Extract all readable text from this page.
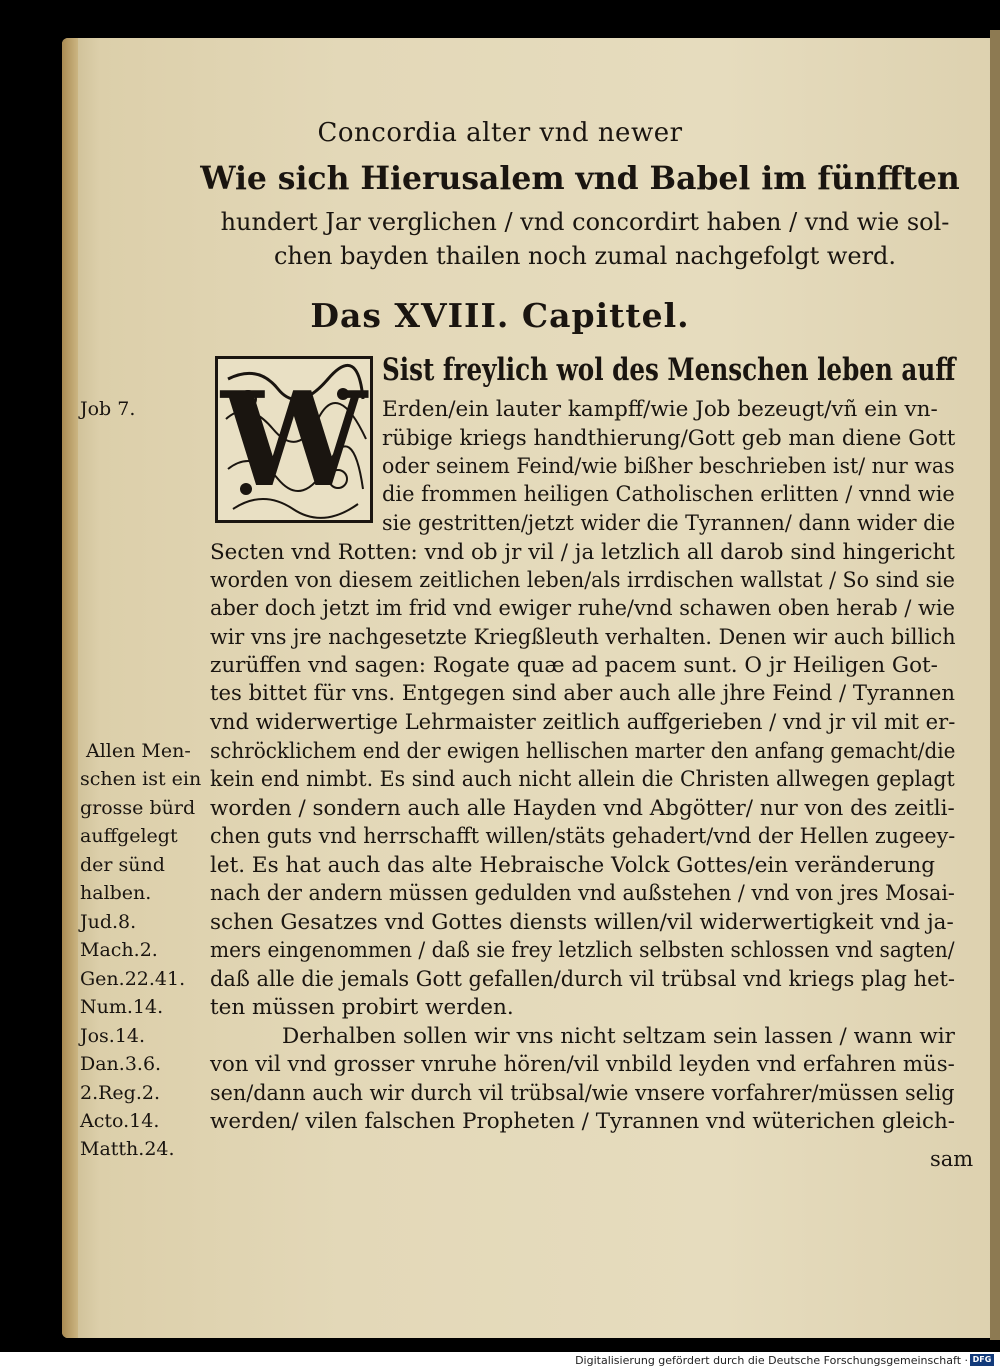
Concordia alter vnd newer
Wie sich Hierusalem vnd Babel im fünfften
hundert Jar verglichen / vnd concordirt haben / vnd wie sol-
chen bayden thailen noch zumal nachgefolgt werd.
Das XVIII. Capittel.
W Sist freylich wol des Menschen leben auff
Erden/ein lauter kampff/wie Job bezeugt/vñ ein vn-
rübige kriegs handthierung/Gott geb man diene Gott
oder seinem Feind/wie bißher beschrieben ist/ nur was
die frommen heiligen Catholischen erlitten / vnnd wie
sie gestritten/jetzt wider die Tyrannen/ dann wider die
Secten vnd Rotten: vnd ob jr vil / ja letzlich all darob sind hingericht
worden von diesem zeitlichen leben/als irrdischen wallstat / So sind sie
aber doch jetzt im frid vnd ewiger ruhe/vnd schawen oben herab / wie
wir vns jre nachgesetzte Kriegßleuth verhalten. Denen wir auch billich
zurüffen vnd sagen: Rogate quæ ad pacem sunt. O jr Heiligen Got-
tes bittet für vns. Entgegen sind aber auch alle jhre Feind / Tyrannen
vnd widerwertige Lehrmaister zeitlich auffgerieben / vnd jr vil mit er-
schröcklichem end der ewigen hellischen marter den anfang gemacht/die
kein end nimbt. Es sind auch nicht allein die Christen allwegen geplagt
worden / sondern auch alle Hayden vnd Abgötter/ nur von des zeitli-
chen guts vnd herrschafft willen/stäts gehadert/vnd der Hellen zugeey-
let. Es hat auch das alte Hebraische Volck Gottes/ein veränderung
nach der andern müssen gedulden vnd außstehen / vnd von jres Mosai-
schen Gesatzes vnd Gottes diensts willen/vil widerwertigkeit vnd ja-
mers eingenommen / daß sie frey letzlich selbsten schlossen vnd sagten/
daß alle die jemals Gott gefallen/durch vil trübsal vnd kriegs plag het-
ten müssen probirt werden.
Derhalben sollen wir vns nicht seltzam sein lassen / wann wir
von vil vnd grosser vnruhe hören/vil vnbild leyden vnd erfahren müs-
sen/dann auch wir durch vil trübsal/wie vnsere vorfahrer/müssen selig
werden/ vilen falschen Propheten / Tyrannen vnd wüterichen gleich-
sam
Job 7.
Allen Men-
schen ist ein
grosse bürd
auffgelegt
der sünd
halben.
Jud.8.
Mach.2.
Gen.22.41.
Num.14.
Jos.14.
Dan.3.6.
2.Reg.2.
Acto.14.
Matth.24.
Digitalisierung gefördert durch die Deutsche Forschungsgemeinschaft · DFG
